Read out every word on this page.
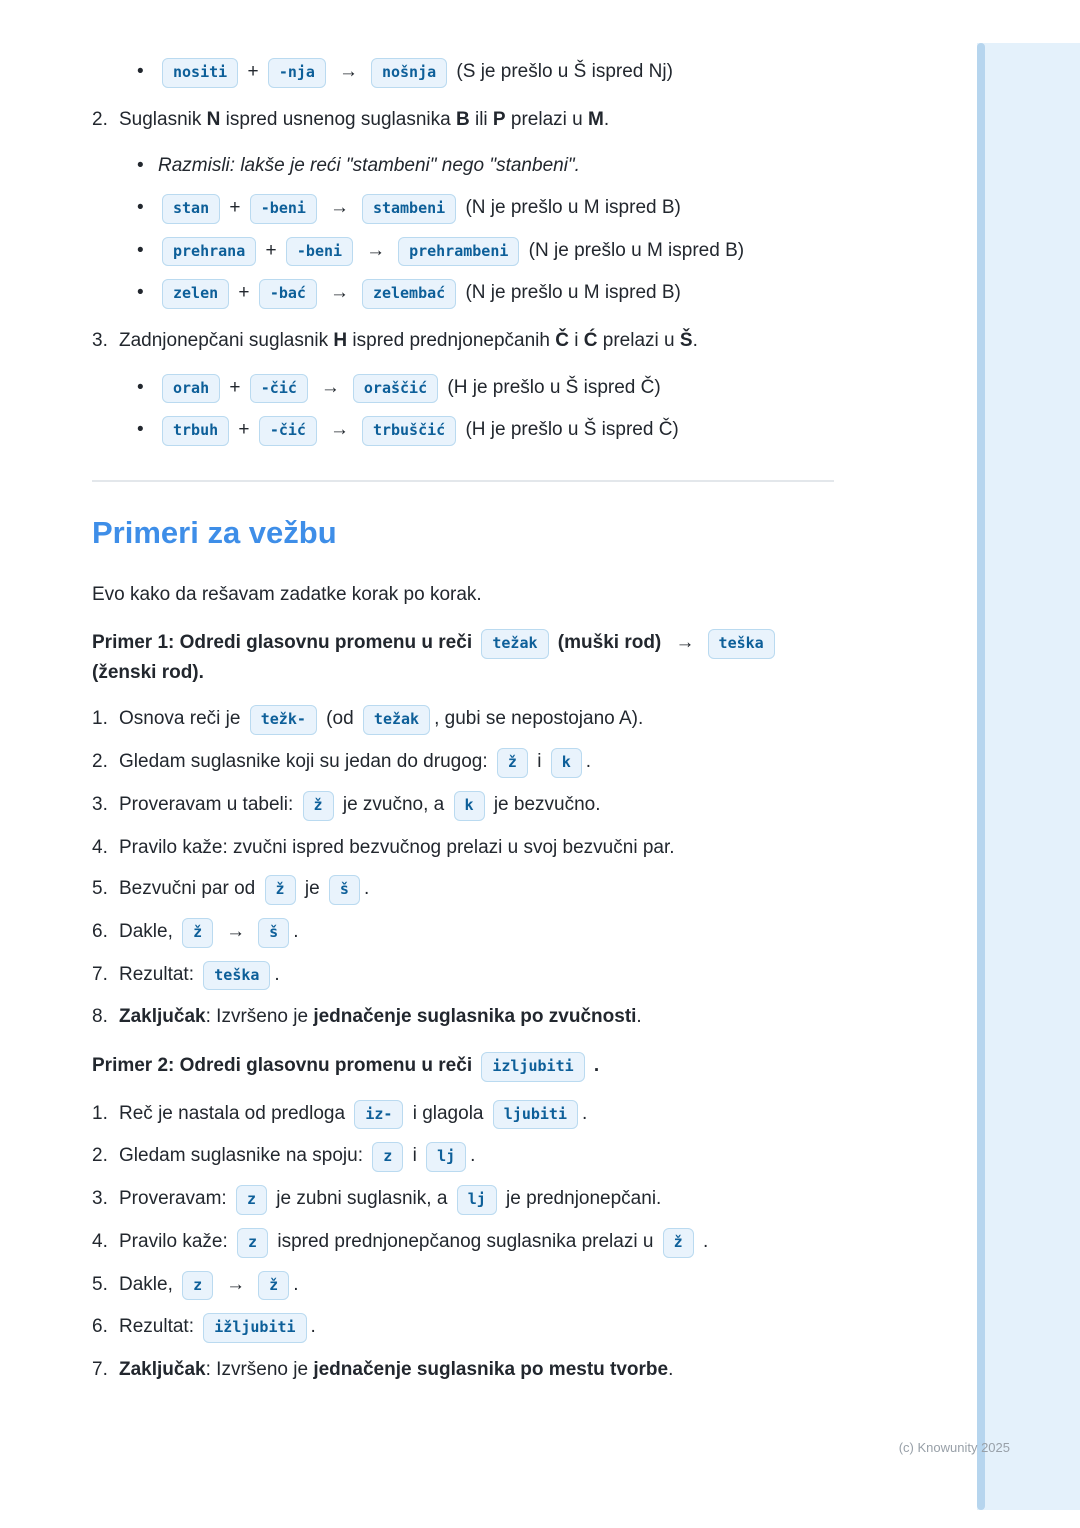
•	nositi + -nja → nošnja (S je prešlo u Š ispred Nj)
2. Suglasnik N ispred usnenog suglasnika B ili P prelazi u M.
• Razmisli: lakše je reći "stambeni" nego "stanbeni".
•	stan + -beni → stambeni (N je prešlo u M ispred B)
•	prehrana + -beni → prehrambeni (N je prešlo u M ispred B)
•	zelen + -bać → zelembać (N je prešlo u M ispred B)
3. Zadnjonepčani suglasnik H ispred prednjonepčanih Č i Ć prelazi u Š.
•	orah + -čić → oraščić (H je prešlo u Š ispred Č)
•	trbuh + -čić → trbuščić (H je prešlo u Š ispred Č)
Primeri za vežbu

Evo kako da rešavam zadatke korak po korak.

Primer 1: Odredi glasovnu promenu u reči težak (muški rod) → teška (ženski rod).

1. Osnova reči je težk- (od težak , gubi se nepostojano A).
2. Gledam suglasnike koji su jedan do drugog: ž i k .
3. Proveravam u tabeli: ž je zvučno, a k je bezvučno.
4. Pravilo kaže: zvučni ispred bezvučnog prelazi u svoj bezvučni par.
5. Bezvučni par od ž je š .
6. Dakle, ž → š .
7. Rezultat: teška .
8. Zaključak: Izvršeno je jednačenje suglasnika po zvučnosti.

Primer 2: Odredi glasovnu promenu u reči izljubiti .

1. Reč je nastala od predloga iz- i glagola ljubiti .
2. Gledam suglasnike na spoju: z i lj .
3. Proveravam: z je zubni suglasnik, a lj je prednjonepčani.
4. Pravilo kaže: z ispred prednjonepčanog suglasnika prelazi u ž .
5. Dakle, z → ž .
6. Rezultat: ižljubiti .
7. Zaključak: Izvršeno je jednačenje suglasnika po mestu tvorbe.
(c) Knowunity 2025
